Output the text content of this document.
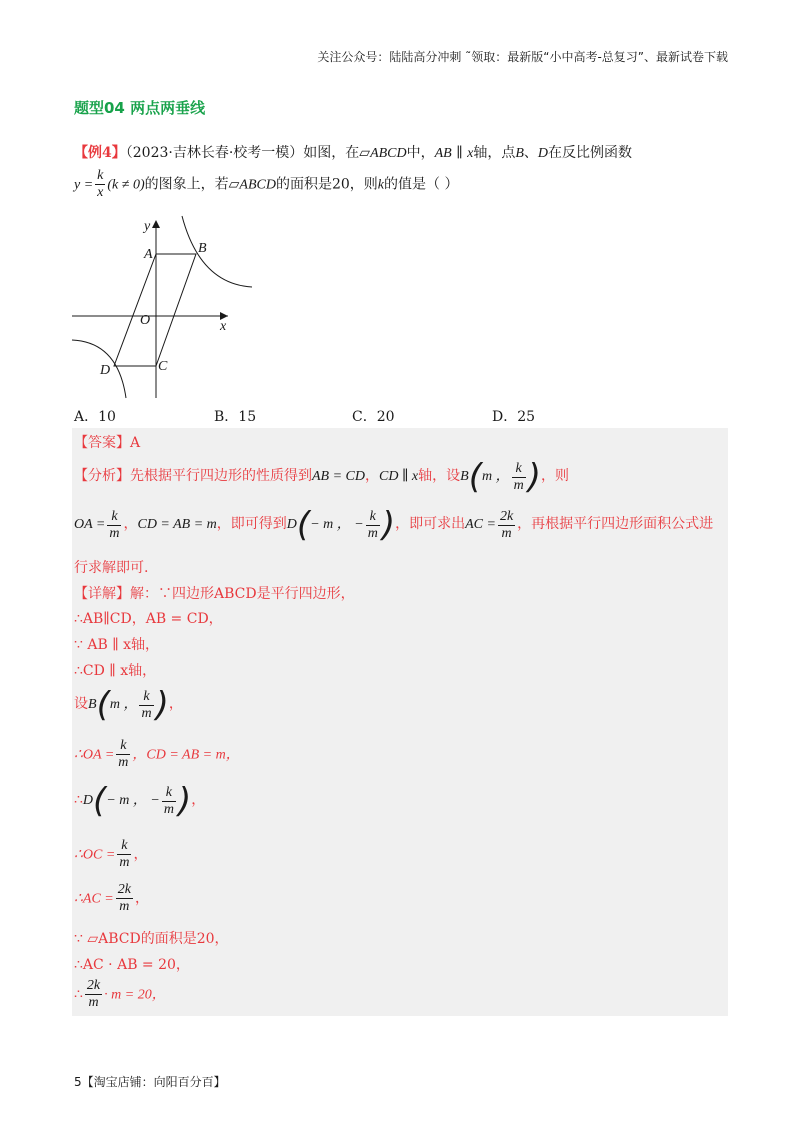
关注公众号：陆陆高分冲刺 ˜领取：最新版“小中高考-总复习”、最新试卷下载
题型04 两点两垂线
【例4】（2023·吉林长春·校考一模）如图，在▱ABCD中，AB ∥ x轴，点B、D在反比例函数
$y = \frac{k}{x} (k \ne 0)$的图象上，若▱ABCD的面积是20，则k的值是（ ）
y
x
A	B
O
C
D
A．10	B．15	C．20	D．25
【答案】A
【分析】先根据平行四边形的性质得到AB = CD，CD ∥ x轴，设B(m ， $\frac{k}{m}$ )，则
OA = $\frac{k}{m}$ ，CD = AB = m，即可得到D(− m ， − $\frac{k}{m}$ )，即可求出AC = $\frac{2k}{m}$ ，再根据平行四边形面积公式进
行求解即可.
【详解】解：∵四边形ABCD是平行四边形，
∴AB∥CD，AB = CD，
∵ AB ∥ x轴，
∴CD ∥ x轴，
设B(m ， $\frac{k}{m}$ )，
∴OA = $\frac{k}{m}$ ，CD = AB = m，
∴D(− m ， − $\frac{k}{m}$ )，
∴OC = $\frac{k}{m}$ ，
∴AC = $\frac{2k}{m}$ ，
∵ ▱ABCD的面积是20，
∴AC · AB = 20，
∴ $\frac{2k}{m} \cdot m = 20$，
5【淘宝店铺：向阳百分百】
